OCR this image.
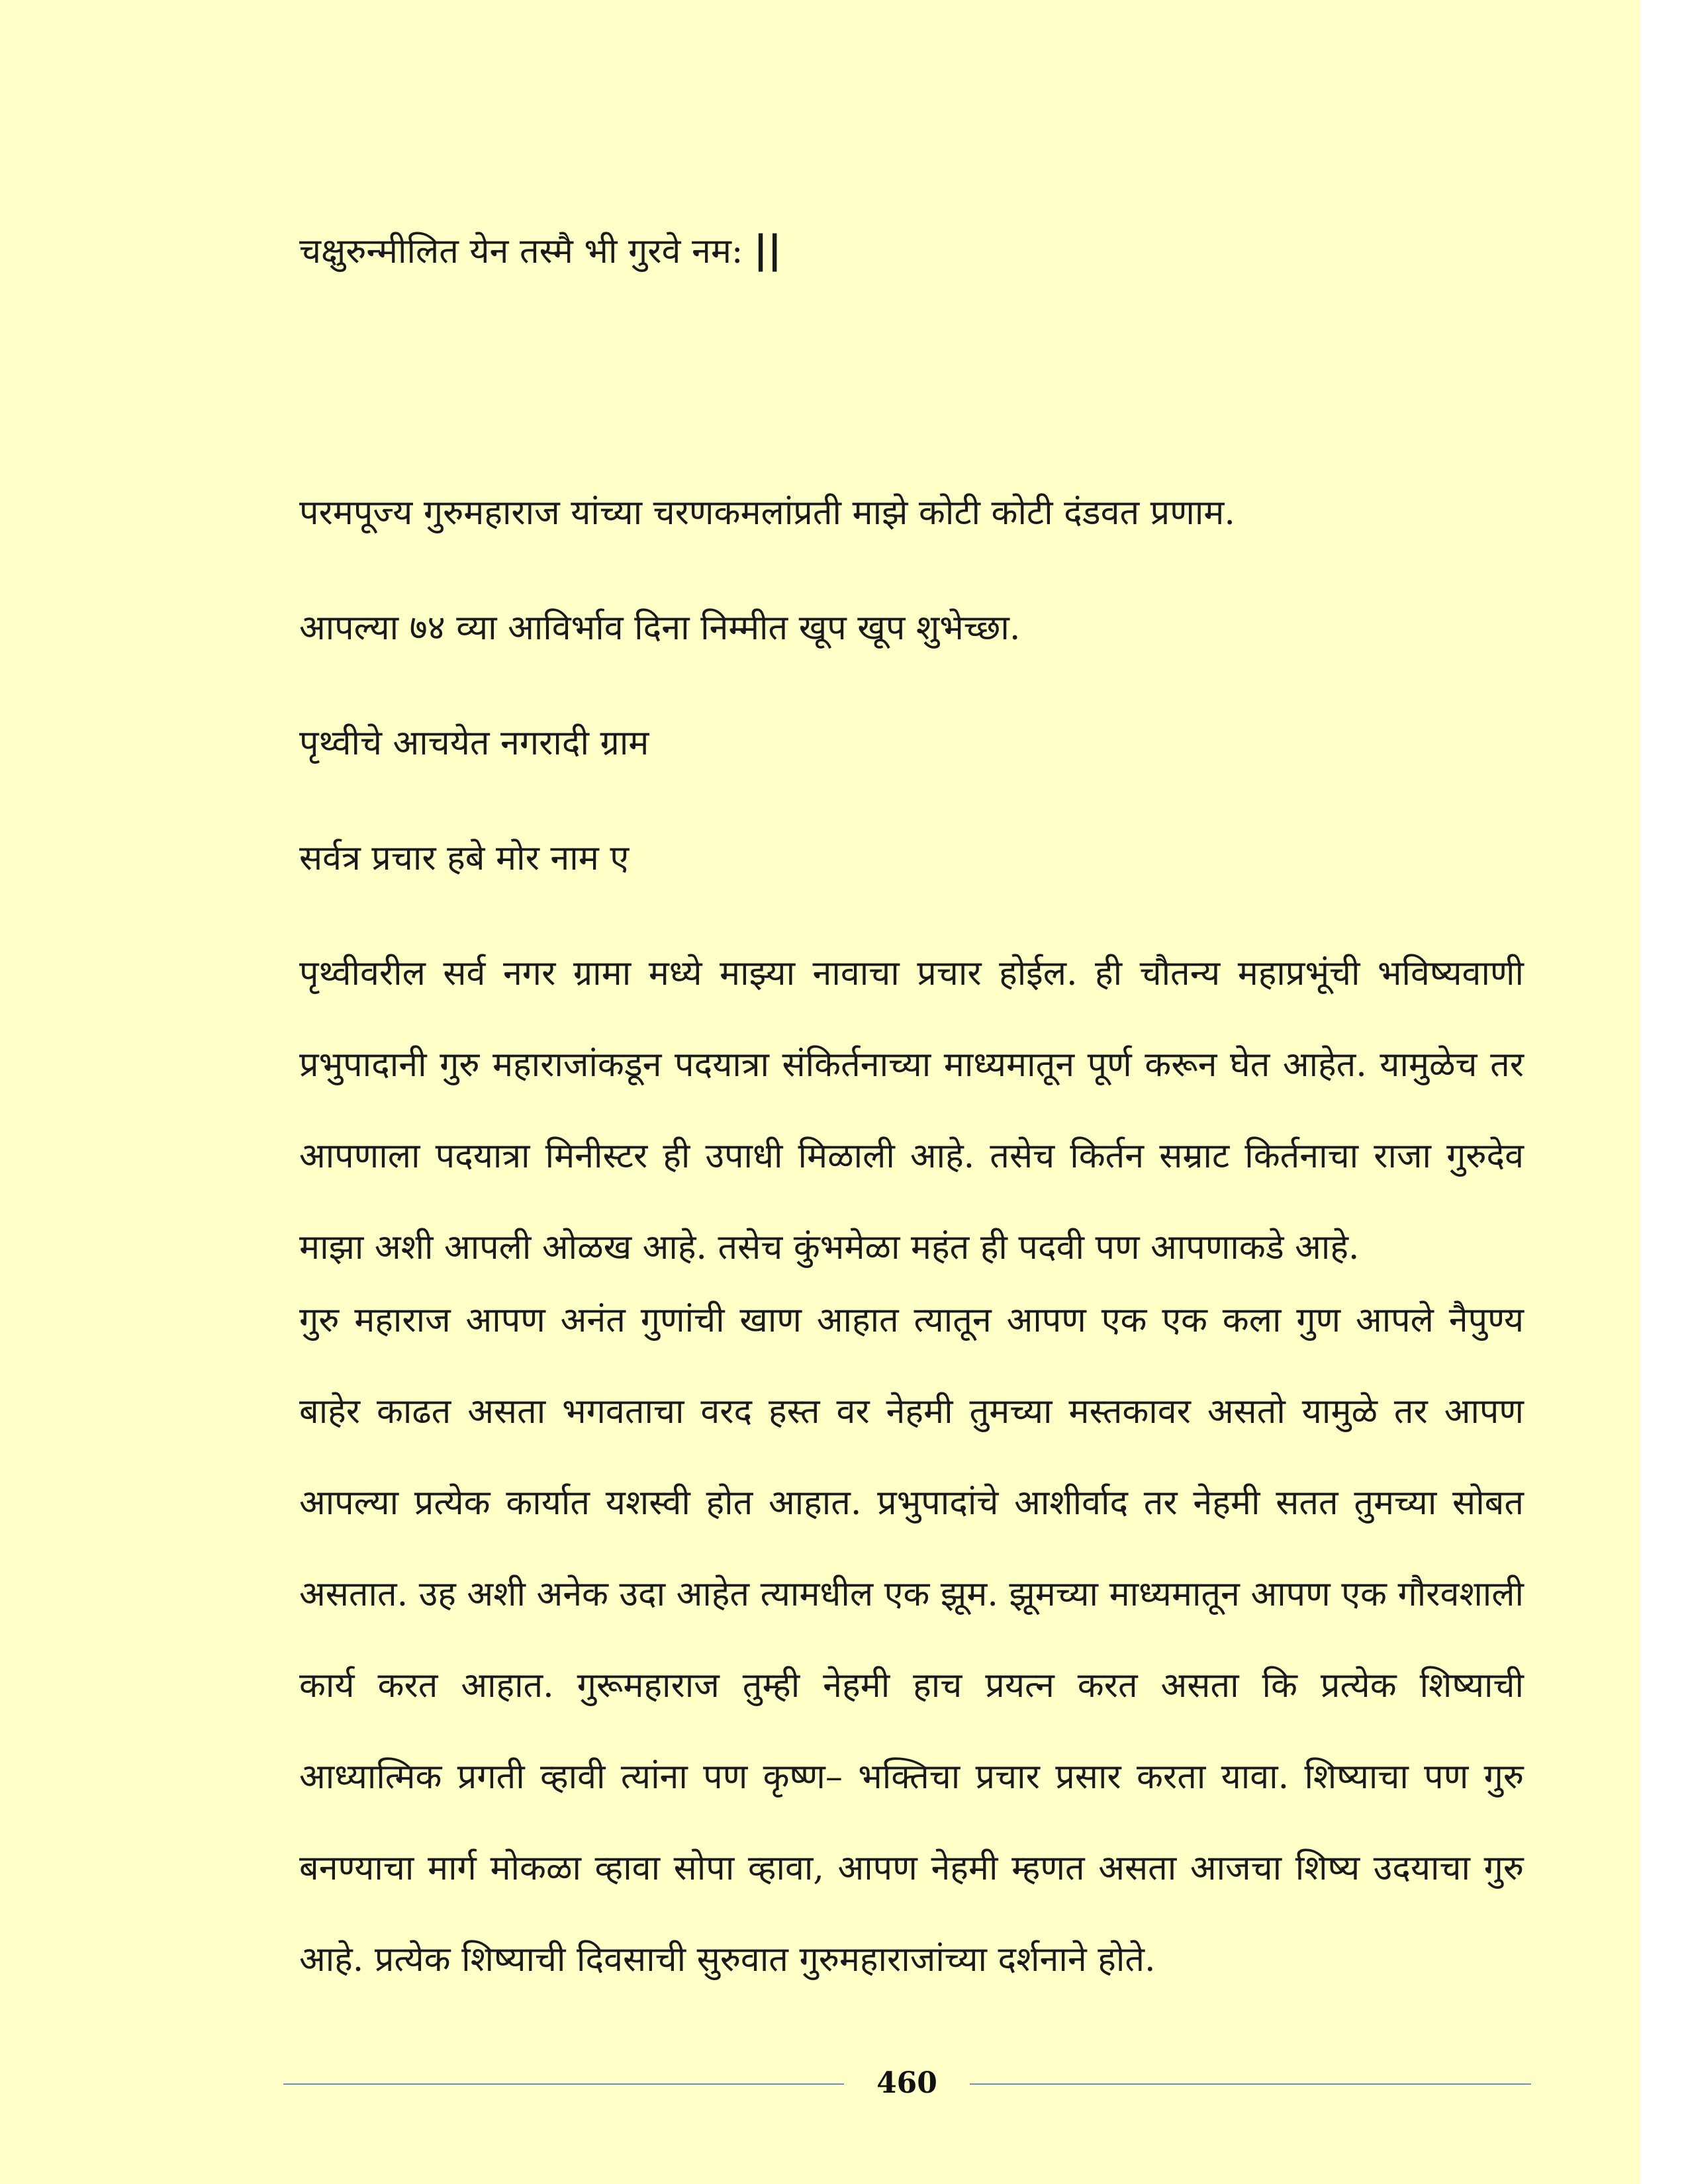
चक्षुरुन्मीलित येन तस्मै भी गुरवे नम: ||

परमपूज्य गुरुमहाराज यांच्या चरणकमलांप्रती माझे कोटी कोटी दंडवत प्रणाम.

आपल्या ७४ व्या आविर्भाव दिना निम्मीत खूप खूप शुभेच्छा.

पृथ्वीचे आचयेत नगरादी ग्राम

सर्वत्र प्रचार हबे मोर नाम ए

पृथ्वीवरील सर्व नगर ग्रामा मध्ये माझ्या नावाचा प्रचार होईल. ही चौतन्य महाप्रभूंची भविष्यवाणी प्रभुपादानी गुरु महाराजांकडून पदयात्रा संकिर्तनाच्या माध्यमातून पूर्ण करून घेत आहेत. यामुळेच तर आपणाला पदयात्रा मिनीस्टर ही उपाधी मिळाली आहे. तसेच किर्तन सम्राट किर्तनाचा राजा गुरुदेव माझा अशी आपली ओळख आहे. तसेच कुंभमेळा महंत ही पदवी पण आपणाकडे आहे.

गुरु महाराज आपण अनंत गुणांची खाण आहात त्यातून आपण एक एक कला गुण आपले नैपुण्य बाहेर काढत असता भगवताचा वरद हस्त वर नेहमी तुमच्या मस्तकावर असतो यामुळे तर आपण आपल्या प्रत्येक कार्यात यशस्वी होत आहात. प्रभुपादांचे आशीर्वाद तर नेहमी सतत तुमच्या सोबत असतात. उह अशी अनेक उदा आहेत त्यामधील एक झूम. झूमच्या माध्यमातून आपण एक गौरवशाली कार्य करत आहात. गुरूमहाराज तुम्ही नेहमी हाच प्रयत्न करत असता कि प्रत्येक शिष्याची आध्यात्मिक प्रगती व्हावी त्यांना पण कृष्ण– भक्तिचा प्रचार प्रसार करता यावा. शिष्याचा पण गुरु बनण्याचा मार्ग मोकळा व्हावा सोपा व्हावा, आपण नेहमी म्हणत असता आजचा शिष्य उदयाचा गुरु आहे. प्रत्येक शिष्याची दिवसाची सुरुवात गुरुमहाराजांच्या दर्शनाने होते.

460
